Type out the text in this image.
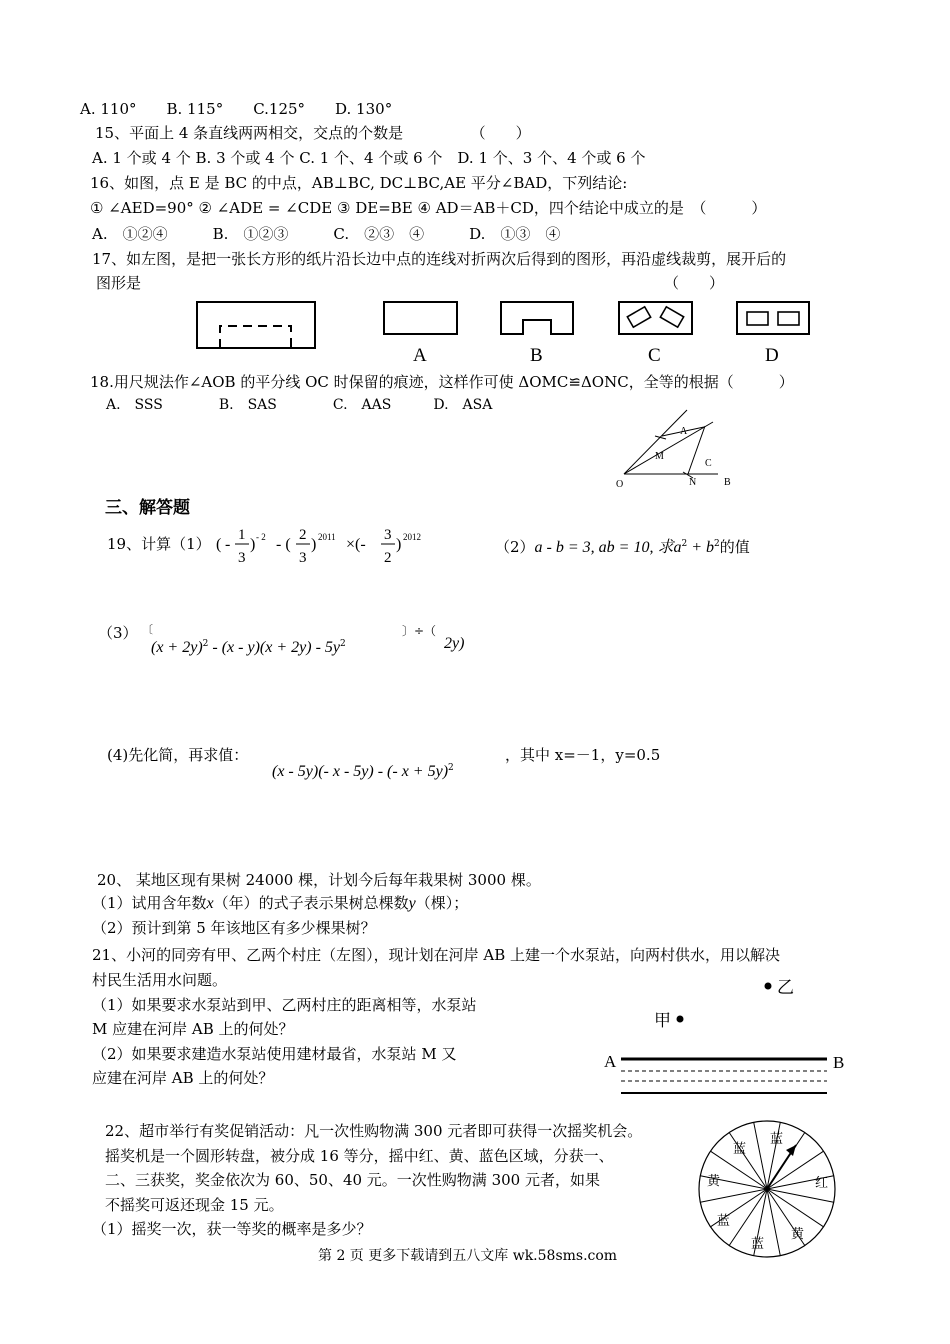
A. 110°　　B. 115°　　C.125°　　D. 130°
15、平面上 4 条直线两两相交，交点的个数是　　　　　（　　）
A. 1 个或 4 个 B. 3 个或 4 个 C. 1 个、4 个或 6 个　D. 1 个、3 个、4 个或 6 个
16、如图，点 E 是 BC 的中点，AB⊥BC, DC⊥BC,AE 平分∠BAD，下列结论:
① ∠AED=90° ② ∠ADE = ∠CDE ③ DE=BE ④ AD＝AB＋CD，四个结论中成立的是　（　　　）
A.　①②④　　　B.　①②③　　　C.　②③　④　　　D.　①③　④
17、如左图，是把一张长方形的纸片沿长边中点的连线对折两次后得到的图形，再沿虚线裁剪，展开后的
图形是	（　　）
A	B	C	D
18.用尺规法作∠AOB 的平分线 OC 时保留的痕迹，这样作可使 ΔOMC≌ΔONC，全等的根据（　　　）
A.　SSS　　　　B.　SAS　　　　C.　AAS　　　D.　ASA
A
M
C
O	N	B
三、解答题
19、计算（1） ( -
1
3
) - 2 - (
2
3
) 2011 ×(-
3
2
) 2012
（2）a - b = 3, ab = 10, 求$a^2 + b^2$的值
（3） 〔
$(x + 2y)^2 - (x - y)(x + 2y) - 5y^2$
〕÷（
2y)
(4)先化简，再求值：
(x - 5y)(- x - 5y) - (- x + 5y)$^2$
，其中 x=－1，y=0.5
20、 某地区现有果树 24000 棵，计划今后每年栽果树 3000 棵。
（1）试用含年数x（年）的式子表示果树总棵数y（棵）；
（2）预计到第 5 年该地区有多少棵果树？
21、小河的同旁有甲、乙两个村庄（左图），现计划在河岸 AB 上建一个水泵站，向两村供水，用以解决
村民生活用水问题。
（1）如果要求水泵站到甲、乙两村庄的距离相等，水泵站
M 应建在河岸 AB 上的何处？
（2）如果要求建造水泵站使用建材最省，水泵站 M 又
应建在河岸 AB 上的何处？
乙
甲
A	B
22、超市举行有奖促销活动：凡一次性购物满 300 元者即可获得一次摇奖机会。
摇奖机是一个圆形转盘，被分成 16 等分，摇中红、黄、蓝色区域，分获一、
二、三获奖，奖金依次为 60、50、40 元。一次性购物满 300 元者，如果
不摇奖可返还现金 15 元。
（1）摇奖一次，获一等奖的概率是多少？
蓝
蓝
黄	红
蓝
蓝
黄
第 2 页 更多下载请到五八文库 wk.58sms.com
